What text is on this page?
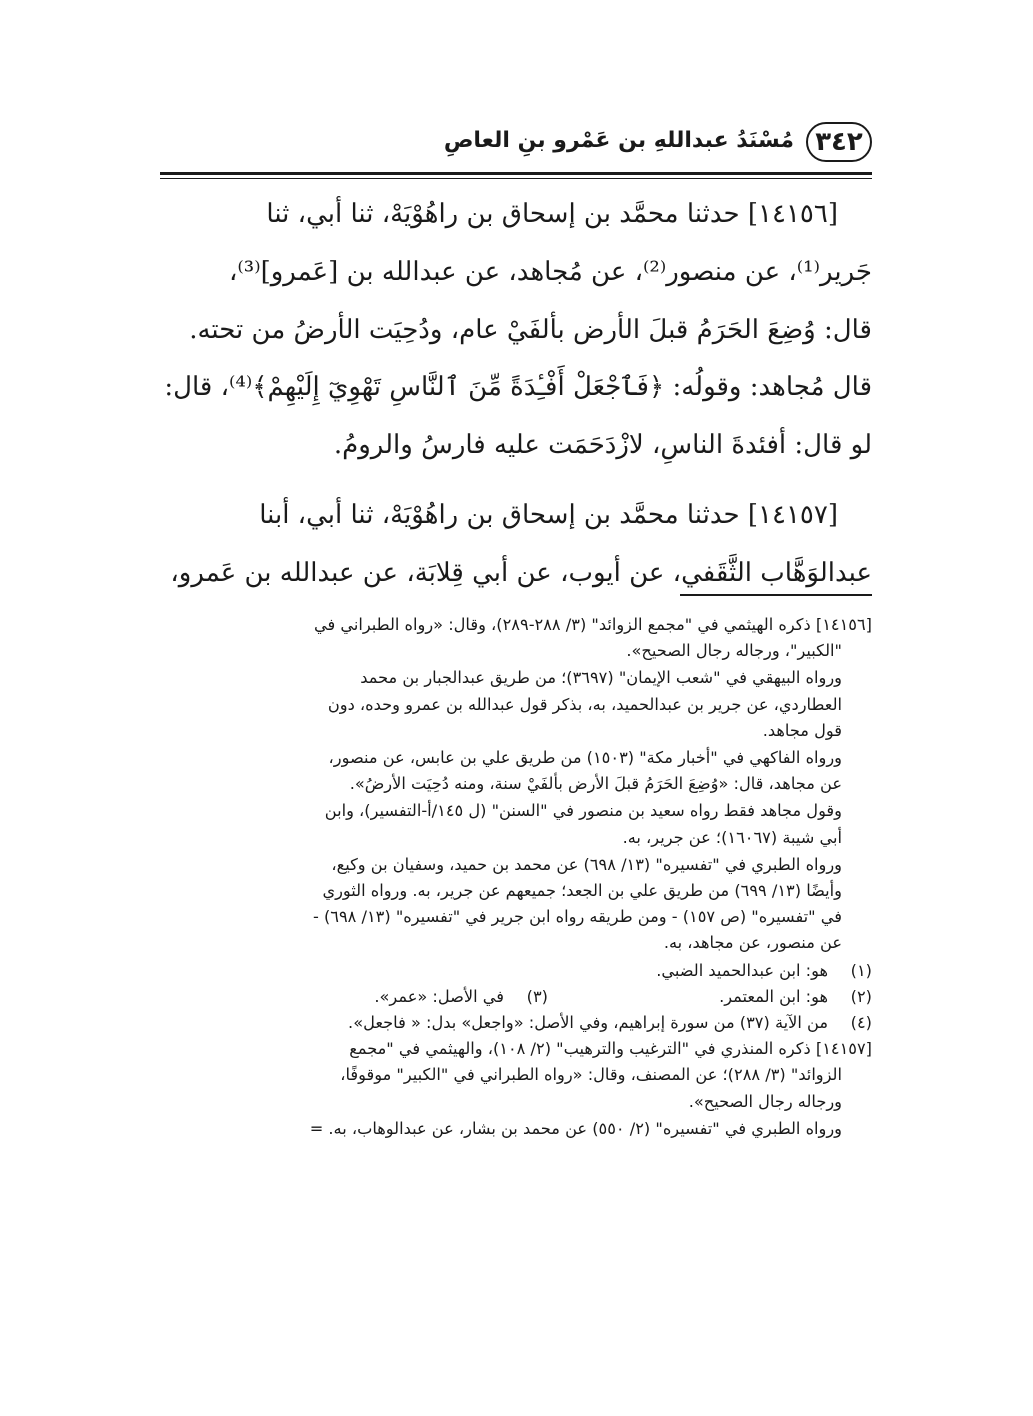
٣٤٢
مُسْنَدُ عبداللهِ بن عَمْرو بنِ العاصِ

[١٤١٥٦] حدثنا محمَّد بن إسحاق بن راهُوْيَهْ، ثنا أبي، ثنا
جَرير⁽¹⁾، عن منصور⁽²⁾، عن مُجاهد، عن عبدالله بن [عَمرو]⁽³⁾،
قال: وُضِعَ الحَرَمُ قبلَ الأرض بألفَيْ عام، ودُحِيَت الأرضُ من تحته.
قال مُجاهد: وقولُه: ﴿فَٱجْعَلْ أَفْـِٔدَةً مِّنَ ٱلنَّاسِ تَهْوِيٓ إِلَيْهِمْ﴾⁽⁴⁾، قال:
لو قال: أفئدةَ الناسِ، لازْدَحَمَت عليه فارسُ والرومُ.

[١٤١٥٧] حدثنا محمَّد بن إسحاق بن راهُوْيَهْ، ثنا أبي، أبنا
عبدالوَهَّاب الثَّقَفي، عن أيوب، عن أبي قِلابَة، عن عبدالله بن عَمرو،

[١٤١٥٦] ذكره الهيثمي في "مجمع الزوائد" (٣/ ٢٨٨-٢٨٩)، وقال: «رواه الطبراني في
"الكبير"، ورجاله رجال الصحيح».
ورواه البيهقي في "شعب الإيمان" (٣٦٩٧)؛ من طريق عبدالجبار بن محمد
العطاردي، عن جرير بن عبدالحميد، به، بذكر قول عبدالله بن عمرو وحده، دون
قول مجاهد.
ورواه الفاكهي في "أخبار مكة" (١٥٠٣) من طريق علي بن عابس، عن منصور،
عن مجاهد، قال: «وُضِعَ الحَرَمُ قبلَ الأرض بألفَيْ سنة، ومنه دُحِيَت الأرضُ».
وقول مجاهد فقط رواه سعيد بن منصور في "السنن" (ل ١٤٥/أ-التفسير)، وابن
أبي شيبة (١٦٠٦٧)؛ عن جرير، به.
ورواه الطبري في "تفسيره" (١٣/ ٦٩٨) عن محمد بن حميد، وسفيان بن وكيع،
وأيضًا (١٣/ ٦٩٩) من طريق علي بن الجعد؛ جميعهم عن جرير، به. ورواه الثوري
في "تفسيره" (ص ١٥٧) - ومن طريقه رواه ابن جرير في "تفسيره" (١٣/ ٦٩٨) -
عن منصور، عن مجاهد، به.
(١)
هو: ابن عبدالحميد الضبي.
(٢)
هو: ابن المعتمر.
(٣)
في الأصل: «عمر».
(٤)
من الآية (٣٧) من سورة إبراهيم، وفي الأصل: «واجعل» بدل: « فاجعل».
[١٤١٥٧] ذكره المنذري في "الترغيب والترهيب" (٢/ ١٠٨)، والهيثمي في "مجمع
الزوائد" (٣/ ٢٨٨)؛ عن المصنف، وقال: «رواه الطبراني في "الكبير" موقوفًا،
ورجاله رجال الصحيح».
ورواه الطبري في "تفسيره" (٢/ ٥٥٠) عن محمد بن بشار، عن عبدالوهاب، به. =
